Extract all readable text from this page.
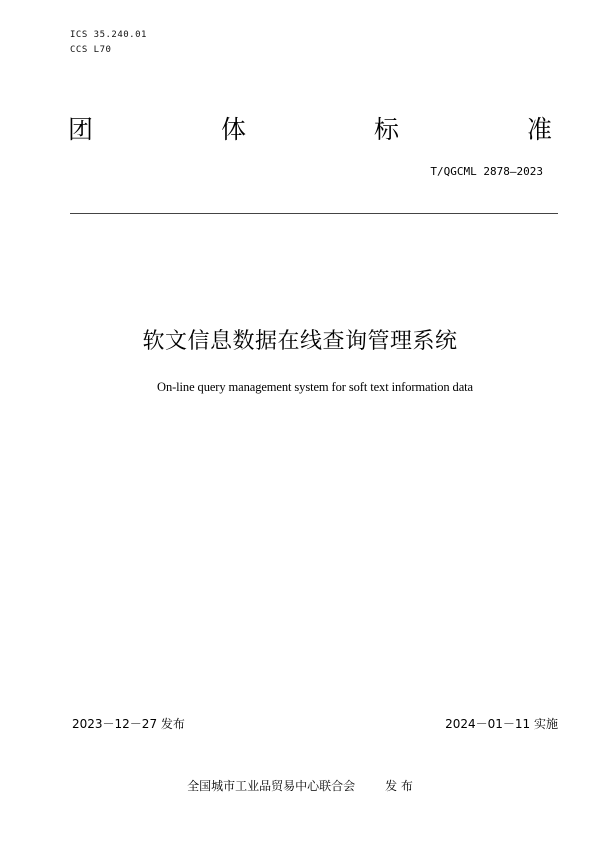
ICS 35.240.01
CCS L70
团	体	标	准
T/QGCML 2878—2023
软文信息数据在线查询管理系统
On-line query management system for soft text information data
2023－12－27 发布	2024－01－11 实施
全国城市工业品贸易中心联合会	发 布
